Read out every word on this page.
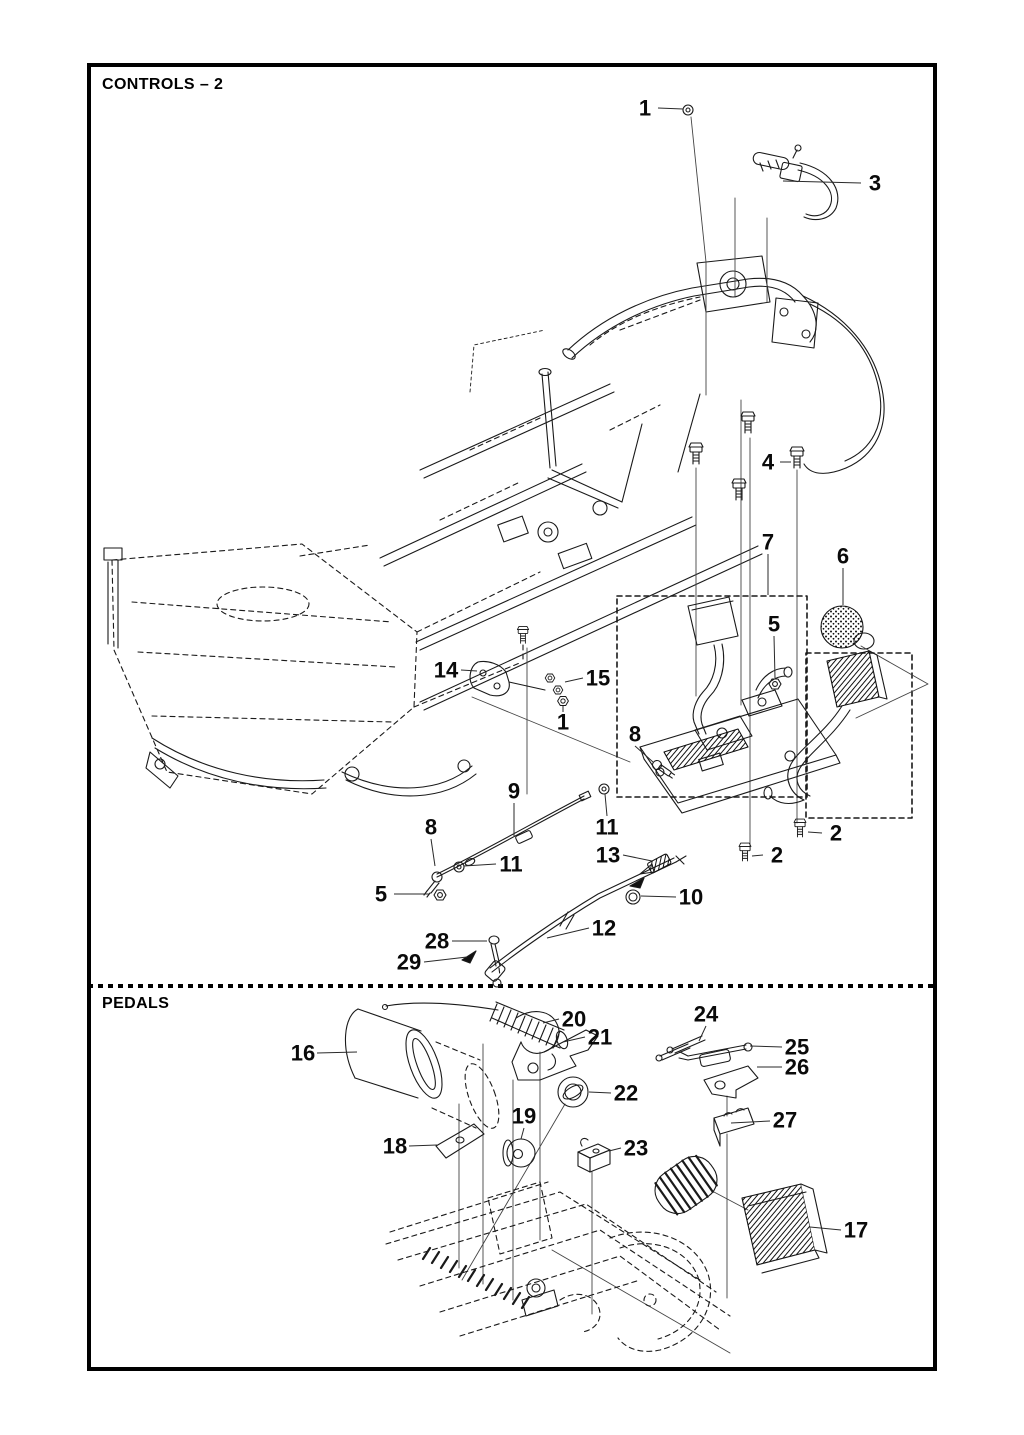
CONTROLS – 2
PEDALS
1
3
4
7
6
5
8
14	15
1
9
8
11
11
5
13
10
12
2
2
28
29
16
20
21
24
25
26
22
19
18	23
27
17
